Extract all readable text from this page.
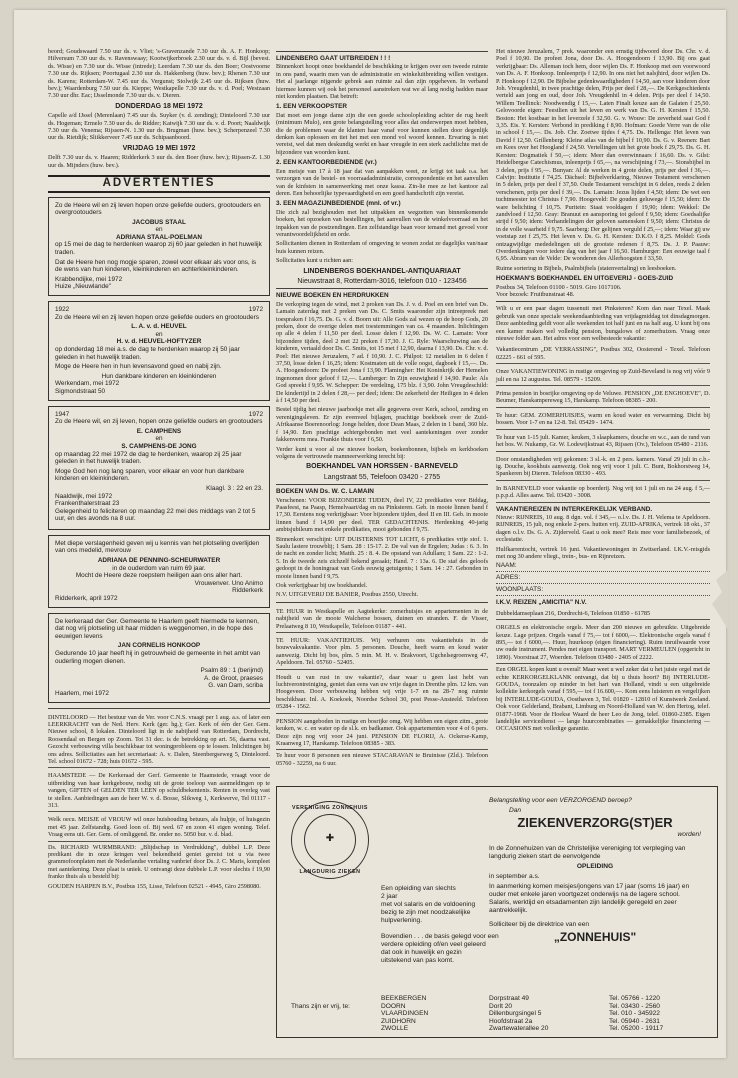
beord; Goudswaard 7.50 uur ds. v. Vliet; 's-Gravenzande 7.30 uur ds. A. F. Honkoop; Hilversum 7.30 uur ds. v. Ravenswaay; Kootwijkerbroek 2.30 uur ds. v. d. Bijl (bevest. ds. Wisse) en 7.30 uur ds. Wisse (intrede); Leerdam 7.30 uur ds. den Boer; Oostvoorne 7.30 uur ds. Rijksen; Poortugaal 2.30 uur ds. Hakkenberg (huw. bev.); Rhenen 7.30 uur ds. Karens; Rotterdam-W. 7.45 uur ds. Vergunst; Stolwijk 2.45 uur ds. Rijksen (huw. bev.); Waardenburg 7.50 uur ds. Kieppe; Westkapelle 7.30 uur ds. v. d. Poel; Westzaan 7.30 uur dhr. Eac; IJsselmonde 7.30 uur ds. v. Dieren.

DONDERDAG 18 MEI 1972

Capelle a/d IJssel (Merenlaan) 7.45 uur ds. Suyker (v. d. zending); Dinteloord 7.30 uur ds. Hogeman; Ermelo 7.30 uur ds. de Ridder; Katwijk 7.30 uur ds. v. d. Poort; Naaldwijk 7.30 uur ds. Venema; Rijssen-N. 1.30 uur ds. Brugman (huw. bev.); Scherpenzeel 7.30 uur ds. Rietdijk; Sliikkerveer 7.45 uur ds. Schipaanboord.

VRIJDAG 19 MEI 1972

Delft 7.30 uur ds. v. Haaren; Ridderkerk 3 uur ds. den Boer (huw. bev.); Rijssen-Z. 1.30 uur ds. Mijnders (huw. bev.).

ADVERTENTIES

Zo de Heere wil en zij leven hopen onze geliefde ouders, grootouders en overgrootouders

JACOBUS STAAL
en
ADRIANA STAAL-POELMAN

op 15 mei de dag te herdenken waarop zij 60 jaar geleden in het huwelijk traden.

Dat de Heere hen nog mogje sparen, zowel voor elkaar als voor ons, is de wens van hun kinderen, kleinkinderen en achterkleinkinderen.

Krabbendijke, mei 1972
Huize „Nieuwlande"
1922	1972

Zo de Heere wil en zij leven hopen onze geliefde ouders en grootouders

L. A. v. d. HEUVEL
en
H. v. d. HEUVEL-HOFTYZER

op donderdag 18 mei a.s. de dag te herdenken waarop zij 50 jaar geleden in het huwelijk traden.

Moge de Heere hen in hun levensavond goed en nabij zijn.

Hun dankbare kinderen en kleinkinderen
Werkendam, mei 1972
Sigmondstraat 50
1947	1972

Zo de Heere wil, en zij leven, hopen onze geliefde ouders en grootouders

E. CAMPHENS
en
S. CAMPHENS-DE JONG

op maandag 22 mei 1972 de dag te herdenken, waarop zij 25 jaar geleden in het huwelijk traden.

Moge God hen nog lang sparen, voor elkaar en voor hun dankbare kinderen en kleinkinderen.

Klaagl. 3 : 22 en 23.
Naaldwijk, mei 1972
Frankenthalerstraat 23

Gelegenheid to feliciteren op maandag 22 mei des middags van 2 tot 5 uur, en des avonds na 8 uur.

Met diepe verslagenheid geven wij u kennis van het plotseling overlijden van ons medelid, mevrouw

ADRIANA DE PENNING-SCHEURWATER
in de ouderdom van ruim 69 jaar.
Mocht de Heere deze roepstem heiligen aan ons aller hart.
Vrouwenver. Uno Animo
Ridderkerk
Ridderkerk, april 1972

De kerkeraad der Ger. Gemeente te Haarlem geeft hiermede te kennen, dat nog vrij plotseling uit haar midden is weggenomen, in de hope des eeuwigen levens

JAN CORNELIS HONKOOP

Gedurende 10 jaar heeft hij in getrouwheid de gemeente in het ambt van ouderling mogen dienen.

Psalm 89 : 1 (berijmd)
A. de Groot, praeses
G. van Dam, scriba
Haarlem, mei 1972

DINTELOORD — Het bestuur van de Ver. voor C.N.S. vraagt per 1 aug. a.s. of later een LEERKRACHT van de Ned. Herv. Kerk (ger. hg.); Ger. Kerk of één der Ger. Gem. Nieuwe school, 8 lokalen. Dinteloord ligt in de nabijheid van Rotterdam, Dordrecht, Roosendaal en Bergen op Zoom. Tot 31 dec. is de betrekking op art. 56, daarna vast. Gezocht verbouwing villa beschikbaar tot woningprobleem op te lossen. Inlichtingen bij ons adres. Sollicitaties aan het secretariaat: A. v. Dalen, Steenbergseweg 5, Dinteloord. Tel. school 01672 - 728; huis 01672 - 595.

HAAMSTEDE — De Kerkeraad der Gerf. Gemeente te Haamstede, vraagt voor de uitbreiding van haar kerkgebouw, nodig uit de grote toeloop van aanmeldingen op te vangen, GIFTEN of GELDEN TER LEEN op schuldbekentenis. Renten in overleg vast te stellen. Aanbiedingen aan de heer W. v. d. Bosse, Slikweg 1, Kerkwerve, Tel 01117 - 313.

Welk oecu. MEISJE of VROUW wil onze huishouding betuurs, als hulpje, of huisgezin met 45 jaar. Zelfstandig. Goed loon of. Bij wed. 67 en zoon 41 eigen woning. Telef. Vraag eens uit. Ger. Gem. of omliggend. Br. onder no. 5050 bur. v. d. blad.

Ds. RICHARD WURMBRAND: „Blijdschap in Verdrukking", dubbel L.P. Deze predikant die in onze kringen veel bekendheid geniet gereist tot u via twee grammofoonplaten met de Nederlandse vertaling vanbrief door Ds. J. C. Maris, kompleet met aantekening. Deze plaat is uniek. U ontvangt deze dubbele L.P. voor slechts f 19,90 franko thuis als u besteld bij:

GOUDEN HARPEN B.V., Postbus 155, Lisse, Telefoon 02521 - 4945, Giro 2598080.

LINDENBERG GAAT UITBREIDEN ! ! !

Binnenkort hoopt onze boekhandel de beschikking te krijgen over een tweede ruimte in ons pand, waarin men van de administratie en winkeluitbreiding willen vestigen. Het al jaarlange nijgende gebrek aan ruimte zal dan zijn opgeheven. In verband hiermee kunnen wij ook het personeel aanstreken wat we al lang nodig hadden maar niet konden plaatsen. Dat betreft:

1. EEN VERKOOPSTER

Dat moet een jonge dame zijn die een goede schoolopleiding achter de rug heeft (minimum Mulo), een grote belangstelling voor alles dat onderwerpen moet hebben, die de problemen waar de klanten haar vanaf voor kunnen stellen door degenlijk denken kan oplossen en tiet het met een mond vol woord kennen. Ervaring is niet vereist, wel dat men deskundig werkt en haar vreugde in een sterk zachtlichte met de bijzondere van woorden kunt.

2. EEN KANTOORBEDIENDE (vr.)

Een meisje van 17 à 18 jaar dat van aanpakken weet, ze krijgt tot taak o.a. het verzorgen van de bestel- en voorraadadministratie, correspondentie en het aanvullen van de kinfsten in samenwerking met onze kassa. Zin-lie mee ze het kantoor zal deren. Een behoorlijke typevaardigheid en een goed handschrift zijn vereist.

3. EEN MAGAZIJNBEDIENDE (mnl. of vr.)

Die zich zal bezighouden met het uitpakken en wegzetten van binnenkomende boeken, het opzoeken van bestellingen, het aanvullen van de winkelvoorraad en het inpakken van de postzendingen. Een zelfstandige baan voor iemand met gevoel voor verantwoordelijkheid en orde.

Sollicitanten dienen in Rotterdam of omgeving te wonen zodat ze dagelijks van/naar huis kunnen reizen.

Sollicitaties kunt u richten aan:

LINDENBERGS BOEKHANDEL-ANTIQUARIAAT
Nieuwstraat 8, Rotterdam-3016, telefoon 010 - 123456
NIEUWE BOEKEN EN HERDRUKKEN

De verkoping tegen de wind, met 2 proken van Ds. J. v. d. Poel en een brief van Ds. Lamain zaterdag met 2 preken van Ds. C. Smits waaronder zijn intreepreek met toespraken f 16,75. Ds. G. v. d. Boorn uit: Alle Gods zal wezen op de hoop Gods, 20 preken, door de overige delen met toestemmingen van ca. 4 maanden. Inlichtingen op alle 4 delen f 11,50 per deel. Losse delen f 12,90. Ds. W. C. Lamain: Voor bijzondere tijden, deel 2 met 22 preken f 17,30. J. C. Ryle: Waarschuwing aan de kinderen, vertaald door Ds. C. Smits, tot 15 met f 12,90, daarna f 13,90. Ds. Chr. v. d. Poel: Het nieuwe Jeruzalem, 7 ad. f 10,90. J. C. Philpot: 12 metallen in 6 delen f 37,50, losse delen f 16,25; idem: Kostmaten uit de volle oogst, dagboek f 15,—. Ds. A. Hoogendoorn: De profeet Jona f 13,90. Flamingher: Het Koninkrijk der Hemelen ingenomen door geloof f 12,—. Lamberger: In Zijn eeuwigheid f 14,90. Paule: Als God spreekt f 9,95. W. Schepper: De verdeling, 175 blz. f 3,90. John Vreugdeschild: De kindertijd in 2 delen f 28,— per deel; idem: De zekerheid der Heiligen in 4 delen à f 14,50 per deel.

Bestel tijdig het nieuwe jaarboekje met alle gegevens over Kerk, school, zending en verenigingsleven. Er zijn evenveel bijlagen, prachtige boekboek over de Zuid-Afrikaanse Boerenoorlog: Jonge helden, door Dean Maas, 2 delen in 1 band, 360 blz. f 14,90. Een prachtige achtergebonden met veel aantekeningen over zonder fakkenverm mea. Frankie thuis voor f 6,50.

Verder kunt u voor al uw nieuwe boeken, boekenbonnen, bijbels en kerkboeken volgens de vertrouwde mamneerwerking terecht bij:

BOEKHANDEL VAN HORSSEN - BARNEVELD
Langstraat 55, Telefoon 03420 - 2755
BOEKEN VAN Ds. W. C. LAMAIN

Verschenen: VOOR BIJZONDERE TIJDEN, deel IV, 22 predikaties voor Biddag, Paasfeest, na Paasp, Hemelvaart/dag en na Pinksteren. Geb. in mooie linnen band f 17,30. Eerstens nog verkrijgbaar: Voor bijzondere tijden, deel II en III. Geb. in mooie linnen band f 14,90 per deel. TER GEDACHTENIS. Herdenking 40-jarig ambtsjubileum met enkele predikaties, mooi gebonden f 9,75.

Binnenkort verschijnt: UIT DUISTERNIS TOT LICHT, 6 predikaties vrije stof. 1. Saulu lastere trouwblij; 1 Sam. 28 : 15-17. 2. De val van de Ergelen; Judas : 6. 3. In de nacht en zonder licht; Matth. 25 : 8. 4. De opstand van Adullam; 1 Sam. 22 : 1-2. 5. In de tweede zeis zichzelf bekend geraakt; Hand. 7 : 13a. 6. De staf des geloofs gedoopt in de honingraat van Gods eeuwig getuigenis; 1 Sam. 14 : 27. Gebonden in mooie linnen band f 9,75.

Ook verkrijgbaar bij uw boekhandel.

N.V. UITGEVERIJ DE BANIER, Postbus 2550, Utrecht.

TE HUUR in Westkapelle en Aagtekerke: zomerhuisjes en appartementen in de nabijheid van de mooie Walcherse bossen, duinen en stranden. F. de Visser, Prelaatweg 8 10, Westkapelle, Telefoon 01187 - 441.

TE HUUR: VAKANTIEHUIS. Wij verhuren ons vakantiehuis in de bouwvakvakantie. Voor plm. 5 personen. Douche, heeft warm en koud water aanwezig. Dicht bij bos, plm. 5 min. M. H. v. Brakvoort, Ugchelsegroenweg 47, Apeldoorn. Tel. 05760 - 52405.

Houdt u van rust in uw vakantie?, daar waar u geen last hebt van luchtverontreiniging, geniet dan eens van uw vrije dagen in Drenthe plm. 12 km. van Hoogeveen. Door verbouwing hebben wij vrije 1-7 en na 28-7 nog ruimte beschikbaar. Inl. A. Koekoek, Noordse School 30, post Pesse-Ansteeld. Telefoon 05284 - 1562.

PENSION aangeboden in rustige en bosrijke omg. Wij hebben een eigen zitm., grote keuken, w. c. en water op de sl.k. en badkamer. Ook appartementen voor 4 of 6 pers. Deze zijn nog vrij voor 24 juni. PENSION DE FLORIJ, A. Ockerse-Kamp, Kraanweg 17, Harskamp. Telefoon 08385 - 383.

Te huur voor 8 personen een nieuwe STACARAVAN te Bruinisse (Zld.). Telefoon 05760 - 32259, na 6 uur.

Het nieuwe Jeruzalem, 7 prek. waaronder een ernstig tijdwoord door Ds. Chr. v. d. Poel f 10,90. De profeet Jona, door Ds. A. Hoogendoorn f 13,90. Bij ons gaat verkrijgbaar: Ds. Alleman toch hem, door wijlen Ds. F. Honkoop met een voorwoord van Ds. A. F. Honkoop. Innleenprijs f 12,90. In ons niet het nalsjhird, door wijlen Ds. P. Honkoop f 12,90. De Bijbelse gedenkwaardigheden f 14,50, aan voor kinderen door Joh. Vreugdenhil, in twee prachtige delen, Prijs per deel f 28,—. De Kerkgeschiedenis verteld aan jong en oud, door Joh. Vreugdenhil in 4 delen. Prijs per deel f 14,50. Willem Teellinck: Noodwendig f 15,—. Laten Finalt keuze aan de Galaten f 25,50. Gelovoorde eigen: Feestlien uit het leven en werk van Ds. G. H. Kersten f 15,50. Boston: Het kostbaar in het leverzele f 32,50. G. v. Wouw: De zeverheid saai God f 3,35. Eis. Y. Kersten: Verbond in prediking f 8,90. Hofman: Goede Verre van de olie in school f 15,—. Ds. Job. Chr. Zoetwe tijdes f 4,75. Ds. Hellenga: Het leven van David f 12,50. Grillenberg: Kleine atlas van de bijbel f 10,90. Ds. G. v. Reenen: Bart en Kees over het Hoogland f 24,50. Vertellingen uit het grote boek f 29,75. Ds. G. H. Kersten: Dogmatiek f 50,—; idem: Meer dan overwinnaars f 16,60. Ds. v. Gilst: Heidelbergse Catechismus, inleenprijs f 65,—, na verschijning f 73,—. Sionsbijbel in 3 delen, prijs f 95,—. Bunyan: Al de werken in 4 grote delen, prijs per deel f 36,—. Calvijn: Institutie f 74,25. Dächsel: Bijbelverklaring, Nieuwe Testament verschenen in 5 delen, prijs per deel f 37,50. Oude Testament verschijnt in 6 delen, reeds 2 delen verschenen, prijs per deel f 39,—. Ds. Lamain: Jezus lijden f 4,50; idem: De wet een tuchtmeester tot Christus f 7,90. Hoogeveld: De gouden geluwege f 15,50; idem: De ware belichting f 10,75. Puritein: Staat vooldagen f 19,90; idem: Wekkel: De zandvloed f 12,50. Gray: Branuut en aansporing tot geloof f 9,50; idem: Goedsalijke strijd f 9,50; idem: Verhandelingen der geloven samensken f 9,50; idem: Christus de in de volle waarheid f 9,75. Saarberg: Der gelijnen verguld f 25,—; idem: Waar gij uw voetstap zet f 25,75. Het leven v. Ds. G. H. Kersten: D.K.O. f 8,25. Moldel: Gods ontzagwijdige mededelingen uit de grootste redenen f 8,75. Ds. J. P. Paauw: Overdenkingen voor iedere dag van het jaar f 16,50. Hamburger: Een eeuwige taal f 6,95. Abram van de Velde: De wonderen des Allerhoogsten f 33,50.

Ruime sortering in Bijbels, Psalmbijbels (statenvertaling) en leesboeken.

HOEKMAN'S BOEKHANDEL EN UITGEVERIJ - GOES-ZUID
Postbus 34, Telefoon 01100 - 5019. Giro 1017106.
Voor bezoek: Fruitbunstraat 48.

Wilt u er een paar dagen tussenuit met Pinksteren? Kom dan naar Texel. Maak gebruik van onze speciale weekendaanbieding van vrijdagmiddag tot dinsdagmorgen. Deze aanbieding geldt voor alle weekenden tot half juni en na half aug. U kunt bij ons een kamer maken wel volledig pension, bungalows of zomerhuizen. Vraag onze nieuwe folder aan. Het adres voor een welbesteede vakantie:

Vakantiecentrum „DE VERRASSING", Postbus 302, Oosterend - Texel. Telefoon 02225 - 661 of 595.

Onze VAKANTIEWONING in rustige omgeving op Zuid-Beveland is nog vrij vóór 9 juli en na 12 augustus. Tel. 08579 - 15209.

Prima pension in bosrijke omgeving op de Veluwe. PENSION „DE ENGHOEVE", D. Beumer, Hanskampereweg 15, Harskamp. Telefoon 08385 - 200.

Te huur: GEM. ZOMERHUISJES, warm en koud water en verwarming. Dicht bij bossen. Voor 1-7 en na 12-8. Tel. 05429 - 1474.

Te huur van 1-15 juli. Kamer, keuken, 3 slaapkamers, douche en w.c., aan de rand van het bos. W. Nukamp, Gr. W. Lodewijkstraat 43, Rijssen (Ov.), Telefoon 05480 - 2116.

Door omstandigheden vrij gekomen: 3 sl.-k. en 2 pers. kamers. Vanaf 29 juli in c.b.-ig. Douche, kookhuis aanwezig. Ook nog vrij voor 1 juli. C. Bunt, Bokhorstweg 14, Spankeren bij Dieren. Telefoon 08330 - 493.

In BARNEVELD voor vakantie op boerderij. Nog vrij tot 1 juli en na 24 aug. f 5,— p.p.p.d. Alles aanw. Tel. 03420 - 3008.

VAKANTIEREIZEN IN INTERKERKELIJK VERBAND.

Nieuw: RIJNREIS, 10 aug. 8 dgn. vol. f 345,— o.l.v. Ds. J. H. Velema te Apeldoorn. RIJNREIS, 15 juli, nog enkele 2-pers. hutten vrij. ZUID-AFRIKA, vertrek 18 okt., 37 dagen o.l.v. Ds. G. A. Zijderveld. Gaat u ook mee? Reis mee voor familiebezoek, of ecclesiatie.

Hulfkarrentocht, vertrek 16 juni. Vakantiewoningen in Zwitserland. I.K.V.-reisgids met nog 30 andere vliegt., trein-, bus- en Rijnreizen.

NAAM:
ADRES:
WOONPLAATS:
I.K.V. REIZEN „AMICITIA" N.V.

Dubbeldamseplaan 216, Dordrecht-6, Telefoon 01850 - 61785

ORGELS en elektronische orgels. Meer dan 200 nieuwe en gebruikte. Uitgebreide keuze. Lage prijzen. Orgels vanaf f 75,— tot f 6000,—. Elektronische orgels vanaf f 895,— tot f 6000,—. Huur, huurkoop (eigen financiering). Ruim inruilwaarde voor uw oude instrument. Pendes met eigen transport. MART VERMEULEN (opgericht in 1890). Voorstraat 27, Woerden. Telefoon 03480 - 2405 of 2222.

Een ORGEL kopen kunt u overal! Maar weet u wel zeker dat u het juiste orgel met de echte KERKORGELKLANK ontvangt, dat bij u thuis hoort? Bij INTERLUDE-GOUDA, toonzalen op minder in het hart van Holland, vindt u een uitgebreide kollektie kerkorgels vanaf f 595,— tot f 16.600,—. Kom eens luisteren en vergelijken bij INTERLUDE-GOUDA, Oosthaven 3, Tel. 01820 - 12810 of Kunstwerk Zeeland. Ook voor Gelderland, Brabant, Limburg en Noord-Holland van W. den Hertog, telef. 01877-1968. Voor de Hoekse Waard de heer Leo de Jong, telef. 01860-2385. Eigen landelijke servicedienst — lange huurcombinaties — gemakkelijke financiering — OCCASIONS met volledige garantie.

VERENIGING ZONNEHUIS
✚
LANGDURIG ZIEKEN

Belangstelling voor een VERZORGEND beroep?

Dan

ZIEKENVERZORG(ST)ER
worden!

In de Zonnehuizen van de Christelijke vereniging tot verpleging van langdurig zieken start de eenvolgende

OPLEIDING

in september a.s.

In aanmerking komen meisjes/jongens van 17 jaar (soms 16 jaar) en ouder met enkele jaren voortgezet onderwijs na de lagere school. Salaris, werktijd en etsadamenten zijn landelijk geregeld en zeer aantrekkelijk.

Solliciteer bij de direktrice van een

„ZONNEHUIS"
Een opleiding van slechts
2 jaar
met vol salaris en de voldoening
bezig te zijn met noodzakelijke
hulpverlening.
Bovendien . . . de basis gelegd voor een
verdere opleiding of/en veel geleerd
dat ook in huwelijk en gezin
uitstekend van pas komt.
Thans zijn er vrij, te:
BEEKBERGEN
DOORN
VLAARDINGEN
ZUIDHORN
ZWOLLE
Dorpstraat 49
Dorlt 20
Dillenburgsingel 5
Hoofdstraat 2a
Zwartewaterallee 20
Tel. 05766 - 1220
Tel. 03430 - 2560
Tel. 010 - 345922
Tel. 05940 - 2631
Tel. 05200 - 19117
